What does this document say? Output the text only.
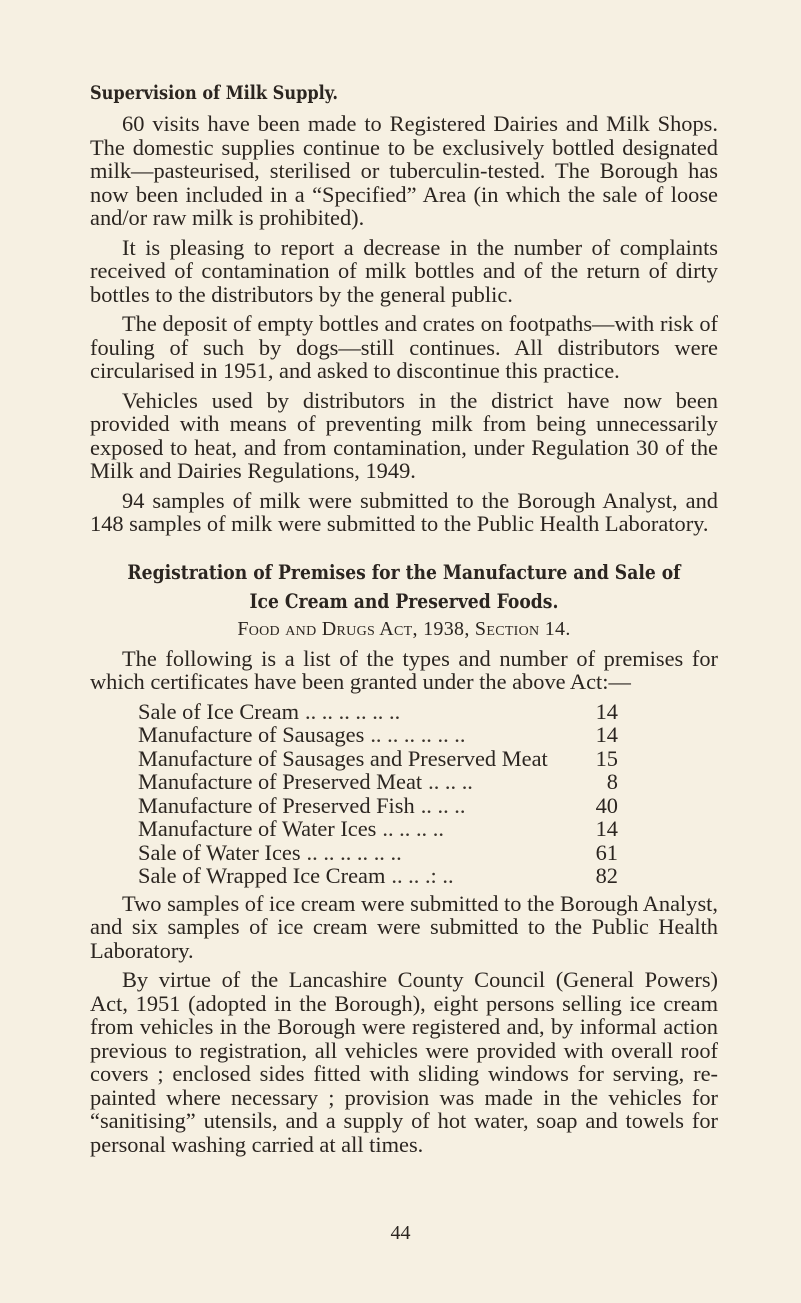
Supervision of Milk Supply.

60 visits have been made to Registered Dairies and Milk Shops. The domestic supplies continue to be exclusively bottled designated milk—pasteurised, sterilised or tuberculin-tested. The Borough has now been included in a “Specified” Area (in which the sale of loose and/or raw milk is prohibited).

It is pleasing to report a decrease in the number of complaints received of contamination of milk bottles and of the return of dirty bottles to the distributors by the general public.

The deposit of empty bottles and crates on footpaths—with risk of fouling of such by dogs—still continues. All distributors were circularised in 1951, and asked to discontinue this practice.

Vehicles used by distributors in the district have now been provided with means of preventing milk from being unnecessarily exposed to heat, and from contamination, under Regulation 30 of the Milk and Dairies Regulations, 1949.

94 samples of milk were submitted to the Borough Analyst, and 148 samples of milk were submitted to the Public Health Laboratory.

Registration of Premises for the Manufacture and Sale of
Ice Cream and Preserved Foods.
Food and Drugs Act, 1938, Section 14.

The following is a list of the types and number of premises for which certificates have been granted under the above Act:—

Sale of Ice Cream .. .. .. .. .. ..	14
Manufacture of Sausages .. .. .. .. .. ..	14
Manufacture of Sausages and Preserved Meat	15
Manufacture of Preserved Meat .. .. ..	8
Manufacture of Preserved Fish .. .. ..	40
Manufacture of Water Ices .. .. .. ..	14
Sale of Water Ices .. .. .. .. .. ..	61
Sale of Wrapped Ice Cream .. .. .: ..	82

Two samples of ice cream were submitted to the Borough Analyst, and six samples of ice cream were submitted to the Public Health Laboratory.

By virtue of the Lancashire County Council (General Powers) Act, 1951 (adopted in the Borough), eight persons selling ice cream from vehicles in the Borough were registered and, by informal action previous to registration, all vehicles were provided with overall roof covers ; enclosed sides fitted with sliding windows for serving, re-painted where necessary ; provision was made in the vehicles for “sanitising” utensils, and a supply of hot water, soap and towels for personal washing carried at all times.

44
